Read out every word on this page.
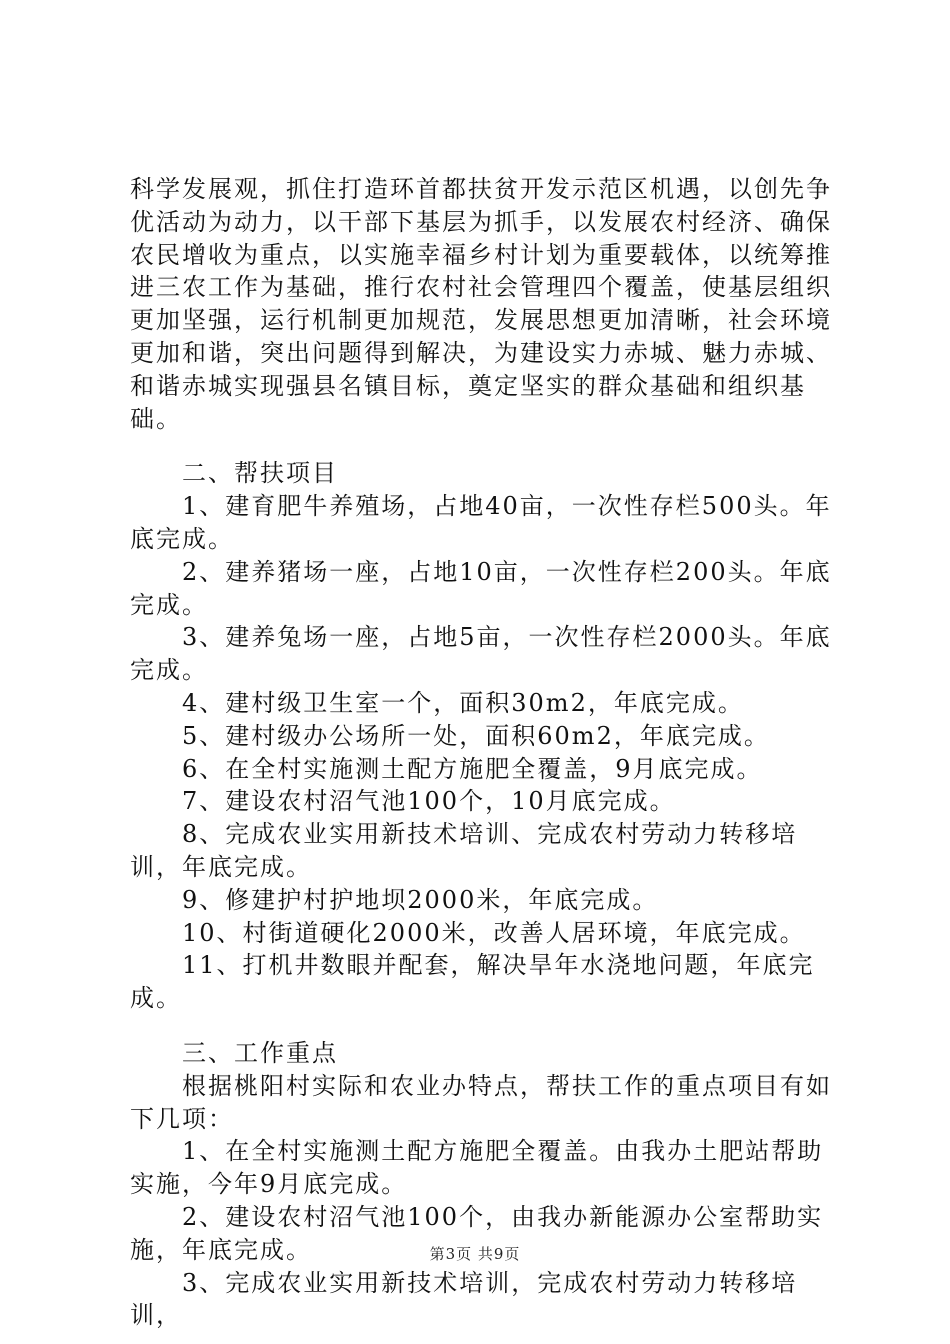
科学发展观，抓住打造环首都扶贫开发示范区机遇，以创先争优活动为动力，以干部下基层为抓手，以发展农村经济、确保农民增收为重点，以实施幸福乡村计划为重要载体，以统筹推进三农工作为基础，推行农村社会管理四个覆盖，使基层组织更加坚强，运行机制更加规范，发展思想更加清晰，社会环境更加和谐，突出问题得到解决，为建设实力赤城、魅力赤城、和谐赤城实现强县名镇目标，奠定坚实的群众基础和组织基础。

二、帮扶项目

1、建育肥牛养殖场，占地40亩，一次性存栏500头。年底完成。

2、建养猪场一座，占地10亩，一次性存栏200头。年底完成。

3、建养兔场一座，占地5亩，一次性存栏2000头。年底完成。

4、建村级卫生室一个，面积30m2，年底完成。

5、建村级办公场所一处，面积60m2，年底完成。

6、在全村实施测土配方施肥全覆盖，9月底完成。

7、建设农村沼气池100个，10月底完成。

8、完成农业实用新技术培训、完成农村劳动力转移培训，年底完成。

9、修建护村护地坝2000米，年底完成。

10、村街道硬化2000米，改善人居环境，年底完成。

11、打机井数眼并配套，解决旱年水浇地问题，年底完成。

三、工作重点

根据桃阳村实际和农业办特点，帮扶工作的重点项目有如下几项：

1、在全村实施测土配方施肥全覆盖。由我办土肥站帮助实施，今年9月底完成。

2、建设农村沼气池100个，由我办新能源办公室帮助实施，年底完成。

3、完成农业实用新技术培训，完成农村劳动力转移培训，

第3页 共9页
